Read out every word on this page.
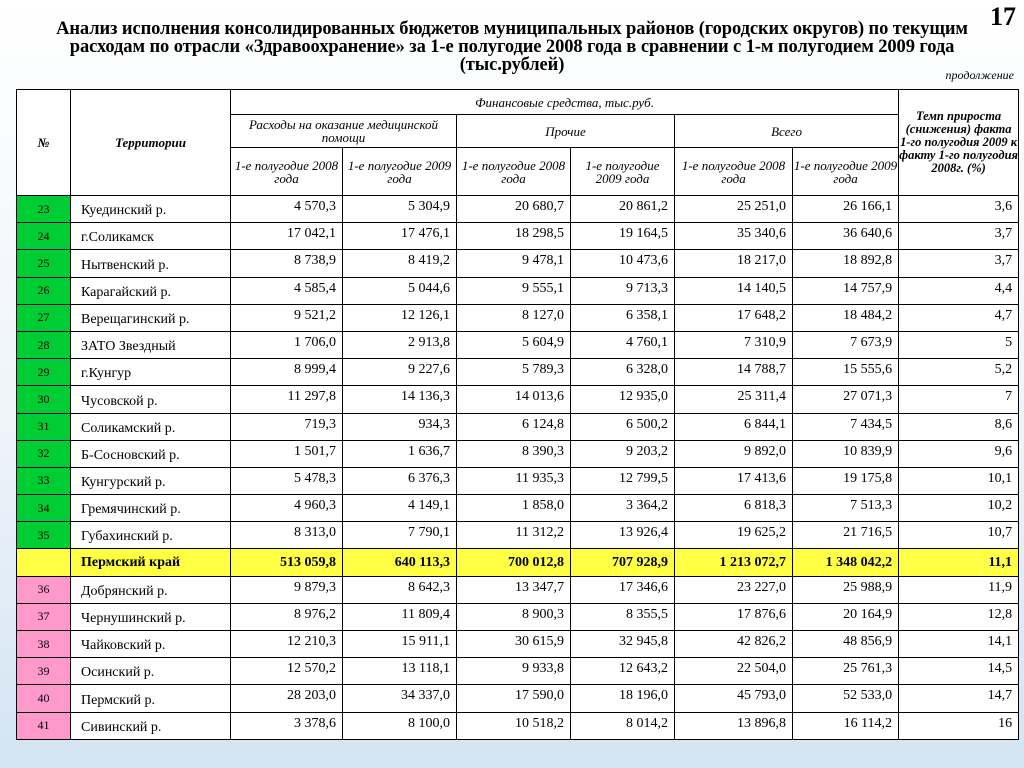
17
Анализ исполнения консолидированных бюджетов муниципальных районов (городских округов) по текущим
расходам по отрасли «Здравоохранение» за 1-е полугодие 2008 года в сравнении с 1-м полугодием 2009 года
(тыс.рублей)	продолжение
№	Территории	Финансовые средства, тыс.руб.						Темп прироста (снижения) факта 1-го полугодия 2009 к факту 1-го полугодия 2008г. (%)
		Расходы на оказание медицинской помощи		Прочие		Всего		
		1-е полугодие 2008 года	1-е полугодие 2009 года	1-е полугодие 2008 года	1-е полугодие 2009 года	1-е полугодие 2008 года	1-е полугодие 2009 года	
23	Куединский р.	4 570,3	5 304,9	20 680,7	20 861,2	25 251,0	26 166,1	3,6
24	г.Соликамск	17 042,1	17 476,1	18 298,5	19 164,5	35 340,6	36 640,6	3,7
25	Нытвенский р.	8 738,9	8 419,2	9 478,1	10 473,6	18 217,0	18 892,8	3,7
26	Карагайский р.	4 585,4	5 044,6	9 555,1	9 713,3	14 140,5	14 757,9	4,4
27	Верещагинский р.	9 521,2	12 126,1	8 127,0	6 358,1	17 648,2	18 484,2	4,7
28	ЗАТО Звездный	1 706,0	2 913,8	5 604,9	4 760,1	7 310,9	7 673,9	5
29	г.Кунгур	8 999,4	9 227,6	5 789,3	6 328,0	14 788,7	15 555,6	5,2
30	Чусовской р.	11 297,8	14 136,3	14 013,6	12 935,0	25 311,4	27 071,3	7
31	Соликамский р.	719,3	934,3	6 124,8	6 500,2	6 844,1	7 434,5	8,6
32	Б-Сосновский р.	1 501,7	1 636,7	8 390,3	9 203,2	9 892,0	10 839,9	9,6
33	Кунгурский р.	5 478,3	6 376,3	11 935,3	12 799,5	17 413,6	19 175,8	10,1
34	Гремячинский р.	4 960,3	4 149,1	1 858,0	3 364,2	6 818,3	7 513,3	10,2
35	Губахинский р.	8 313,0	7 790,1	11 312,2	13 926,4	19 625,2	21 716,5	10,7
	Пермский край	513 059,8	640 113,3	700 012,8	707 928,9	1 213 072,7	1 348 042,2	11,1
36	Добрянский р.	9 879,3	8 642,3	13 347,7	17 346,6	23 227,0	25 988,9	11,9
37	Чернушинский р.	8 976,2	11 809,4	8 900,3	8 355,5	17 876,6	20 164,9	12,8
38	Чайковский р.	12 210,3	15 911,1	30 615,9	32 945,8	42 826,2	48 856,9	14,1
39	Осинский р.	12 570,2	13 118,1	9 933,8	12 643,2	22 504,0	25 761,3	14,5
40	Пермский р.	28 203,0	34 337,0	17 590,0	18 196,0	45 793,0	52 533,0	14,7
41	Сивинский р.	3 378,6	8 100,0	10 518,2	8 014,2	13 896,8	16 114,2	16
